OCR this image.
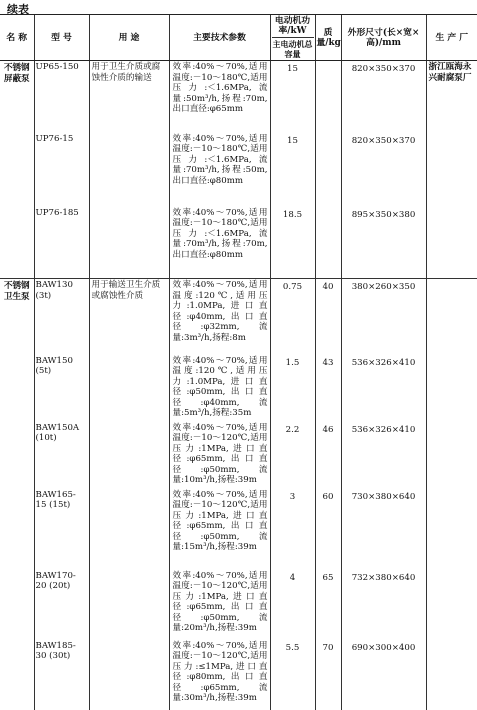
续表
名 称	型 号	用 途	主要技术参数	电动机功率/kW
主电动机总容量	质量/kg	外形尺寸(长×宽×高)/mm	生 产 厂
不锈钢屏蔽泵	UP65-150	用于卫生介质或腐蚀性介质的输送	效率:40%～70%,适用温度:－10～180℃,适用压力:＜1.6MPa,流量:50m³/h,扬程:70m,出口直径:φ65mm	15		820×350×370	浙江瓯海永兴耐腐泵厂
	UP76-15		效率:40%～70%,适用温度:－10～180℃,适用压力:＜1.6MPa,流量:70m³/h,扬程:50m,出口直径:φ80mm	15		820×350×370	
	UP76-185		效率:40%～70%,适用温度:－10～180℃,适用压力:＜1.6MPa,流量:70m³/h,扬程:70m,出口直径:φ80mm	18.5		895×350×380	
不锈钢卫生泵	BAW130 (3t)	用于输送卫生介质或腐蚀性介质	效率:40%～70%,适用温度:120℃,适用压力:1.0MPa,进口直径:φ40mm,出口直径:φ32mm,流量:3m³/h,扬程:8m	0.75	40	380×260×350	
	BAW150 (5t)		效率:40%～70%,适用温度:120℃,适用压力:1.0MPa,进口直径:φ50mm,出口直径:φ40mm,流量:5m³/h,扬程:35m	1.5	43	536×326×410	
	BAW150A (10t)		效率:40%～70%,适用温度:－10～120℃,适用压力:1MPa,进口直径:φ65mm,出口直径:φ50mm,流量:10m³/h,扬程:39m	2.2	46	536×326×410	
	BAW165-15 (15t)		效率:40%～70%,适用温度:－10～120℃,适用压力:1MPa,进口直径:φ65mm,出口直径:φ50mm,流量:15m³/h,扬程:39m	3	60	730×380×640	
	BAW170-20 (20t)		效率:40%～70%,适用温度:－10～120℃,适用压力:1MPa,进口直径:φ65mm,出口直径:φ50mm,流量:20m³/h,扬程:39m	4	65	732×380×640	
	BAW185-30 (30t)		效率:40%～70%,适用温度:－10～120℃,适用压力:≤1MPa,进口直径:φ80mm,出口直径:φ65mm,流量:30m³/h,扬程:39m	5.5	70	690×300×400	
